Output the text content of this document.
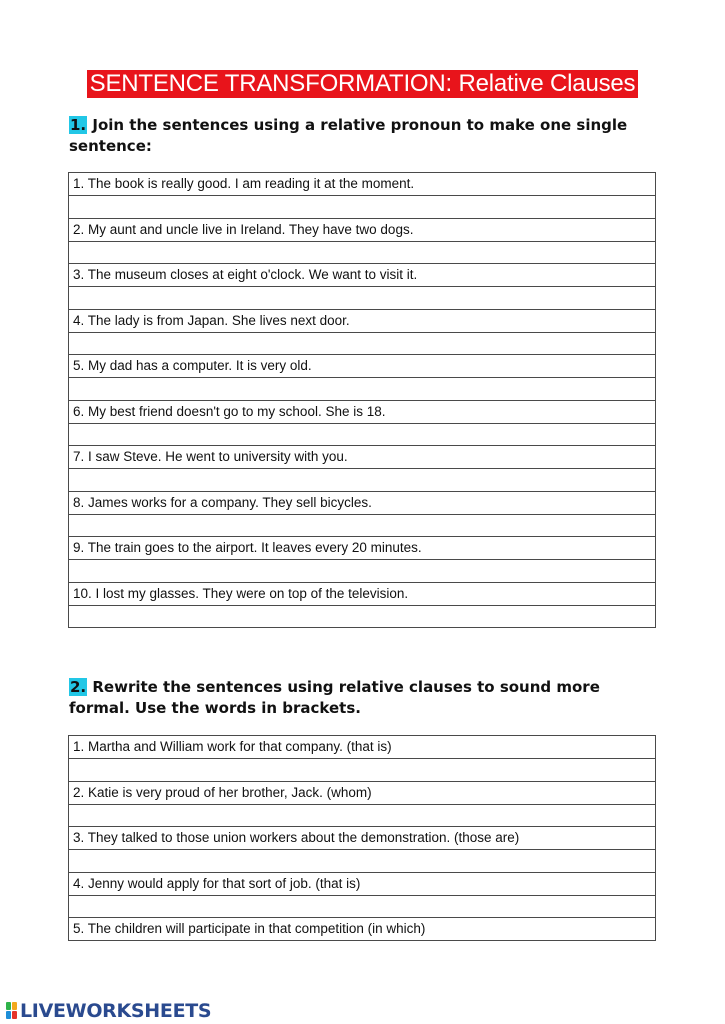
SENTENCE TRANSFORMATION: Relative Clauses
1. Join the sentences using a relative pronoun to make one single sentence:
1. The book is really good. I am reading it at the moment.

2. My aunt and uncle live in Ireland. They have two dogs.

3. The museum closes at eight o'clock. We want to visit it.

4. The lady is from Japan. She lives next door.

5. My dad has a computer. It is very old.

6. My best friend doesn't go to my school. She is 18.

7. I saw Steve. He went to university with you.

8. James works for a company. They sell bicycles.

9. The train goes to the airport. It leaves every 20 minutes.

10. I lost my glasses. They were on top of the television.

2. Rewrite the sentences using relative clauses to sound more formal. Use the words in brackets.
1. Martha and William work for that company. (that is)

2. Katie is very proud of her brother, Jack. (whom)

3. They talked to those union workers about the demonstration. (those are)

4. Jenny would apply for that sort of job. (that is)

5. The children will participate in that competition (in which)
LIVEWORKSHEETS
